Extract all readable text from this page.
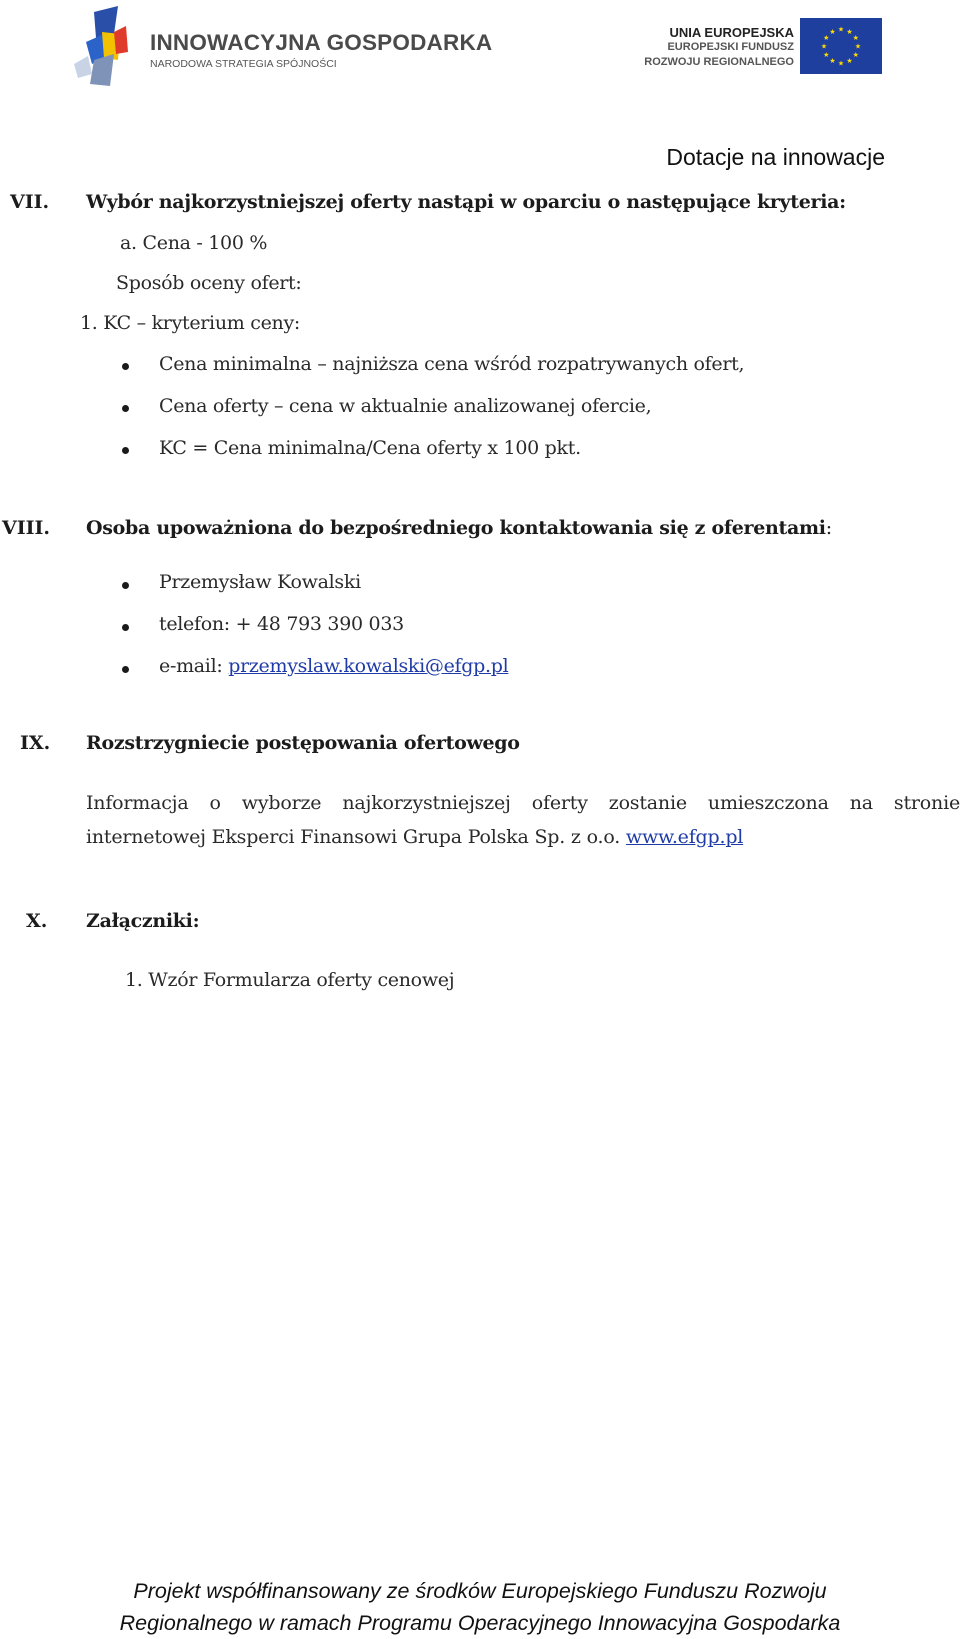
INNOWACYJNA GOSPODARKA
NARODOWA STRATEGIA SPÓJNOŚCI
UNIA EUROPEJSKA
EUROPEJSKI FUNDUSZ
ROZWOJU REGIONALNEGO
★ ★
★
★
★
★
★
★
★
★
★
★
Dotacje na innowacje
VII. Wybór najkorzystniejszej oferty nastąpi w oparciu o następujące kryteria:
a. Cena - 100 %
Sposób oceny ofert:
1. KC – kryterium ceny:
Cena minimalna – najniższa cena wśród rozpatrywanych ofert,
Cena oferty – cena w aktualnie analizowanej ofercie,
KC = Cena minimalna/Cena oferty x 100 pkt.
VIII. Osoba upoważniona do bezpośredniego kontaktowania się z oferentami:
Przemysław Kowalski
telefon: + 48 793 390 033
e-mail: przemyslaw.kowalski@efgp.pl
IX. Rozstrzygniecie postępowania ofertowego
Informacja o wyborze najkorzystniejszej oferty zostanie umieszczona na stronie internetowej Eksperci Finansowi Grupa Polska Sp. z o.o. www.efgp.pl
X. Załączniki:
1. Wzór Formularza oferty cenowej
Projekt współfinansowany ze środków Europejskiego Funduszu Rozwoju
Regionalnego w ramach Programu Operacyjnego Innowacyjna Gospodarka
